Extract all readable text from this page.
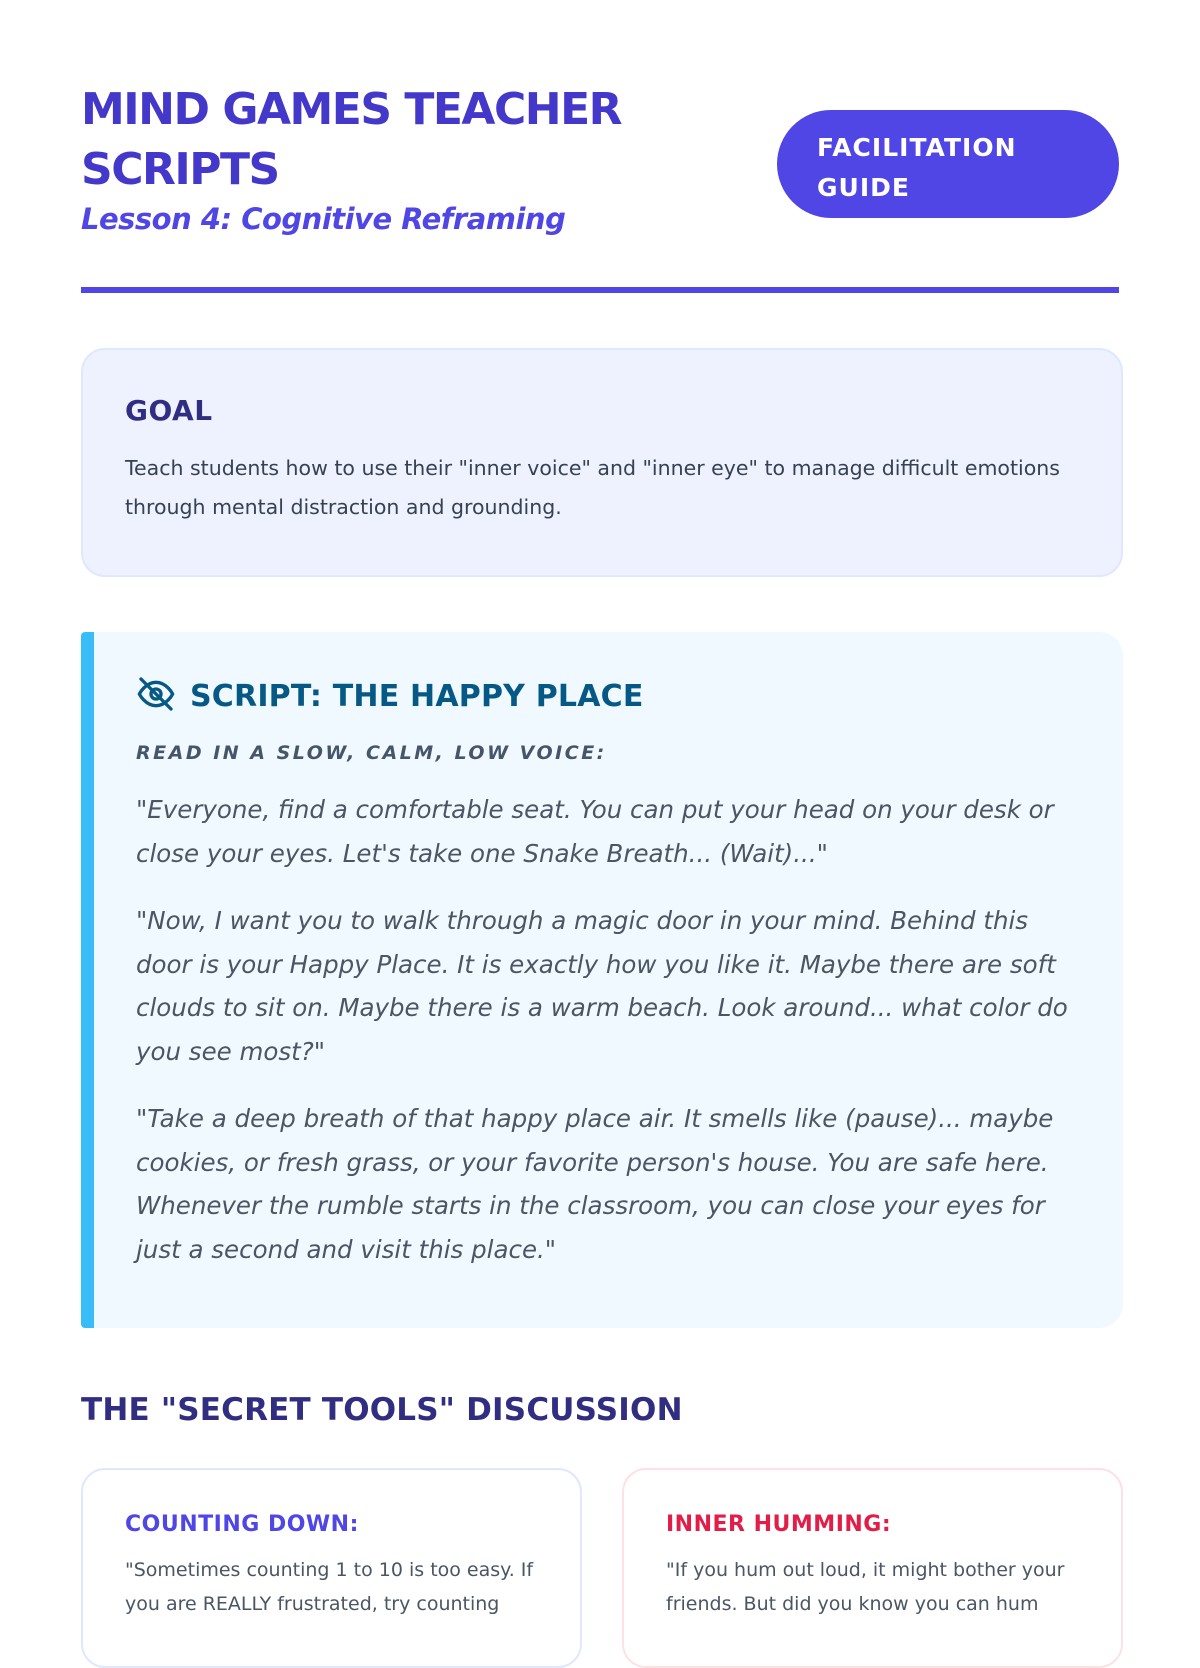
MIND GAMES TEACHER SCRIPTS
Lesson 4: Cognitive Reframing
FACILITATION GUIDE
GOAL

Teach students how to use their "inner voice" and "inner eye" to manage difficult emotions through mental distraction and grounding.

SCRIPT: THE HAPPY PLACE
READ IN A SLOW, CALM, LOW VOICE:

"Everyone, find a comfortable seat. You can put your head on your desk or close your eyes. Let's take one Snake Breath... (Wait)..."

"Now, I want you to walk through a magic door in your mind. Behind this door is your Happy Place. It is exactly how you like it. Maybe there are soft clouds to sit on. Maybe there is a warm beach. Look around... what color do you see most?"

"Take a deep breath of that happy place air. It smells like (pause)... maybe cookies, or fresh grass, or your favorite person's house. You are safe here. Whenever the rumble starts in the classroom, you can close your eyes for just a second and visit this place."

THE "SECRET TOOLS" DISCUSSION
COUNTING DOWN:

"Sometimes counting 1 to 10 is too easy. If you are REALLY frustrated, try counting

INNER HUMMING:

"If you hum out loud, it might bother your friends. But did you know you can hum
